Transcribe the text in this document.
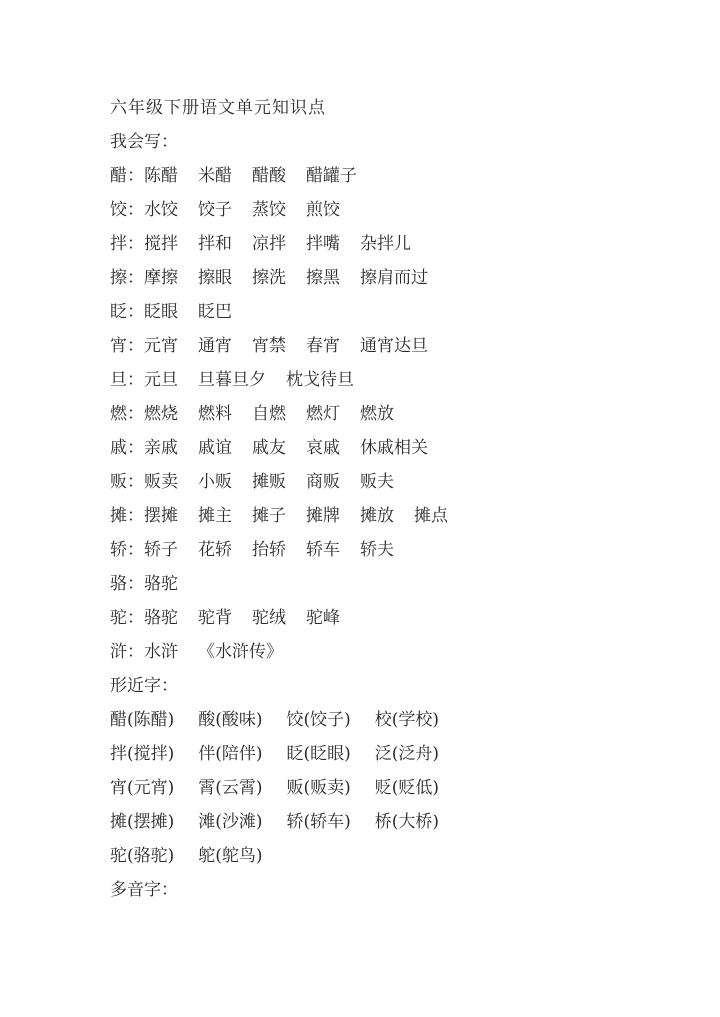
六年级下册语文单元知识点
我会写：
醋： 陈醋 米醋 醋酸 醋罐子
饺： 水饺 饺子 蒸饺 煎饺
拌： 搅拌 拌和 凉拌 拌嘴 杂拌儿
擦： 摩擦 擦眼 擦洗 擦黑 擦肩而过
眨： 眨眼 眨巴
宵： 元宵 通宵 宵禁 春宵 通宵达旦
旦： 元旦 旦暮旦夕 枕戈待旦
燃： 燃烧 燃料 自燃 燃灯 燃放
戚： 亲戚 戚谊 戚友 哀戚 休戚相关
贩： 贩卖 小贩 摊贩 商贩 贩夫
摊： 摆摊 摊主 摊子 摊牌 摊放 摊点
轿： 轿子 花轿 抬轿 轿车 轿夫
骆： 骆驼
驼： 骆驼 驼背 驼绒 驼峰
浒： 水浒 《水浒传》
形近字：
醋(陈醋) 酸(酸味) 饺(饺子) 校(学校)
拌(搅拌) 伴(陪伴) 眨(眨眼) 泛(泛舟)
宵(元宵) 霄(云霄) 贩(贩卖) 贬(贬低)
摊(摆摊) 滩(沙滩) 轿(轿车) 桥(大桥)
驼(骆驼) 鸵(鸵鸟)
多音字：
